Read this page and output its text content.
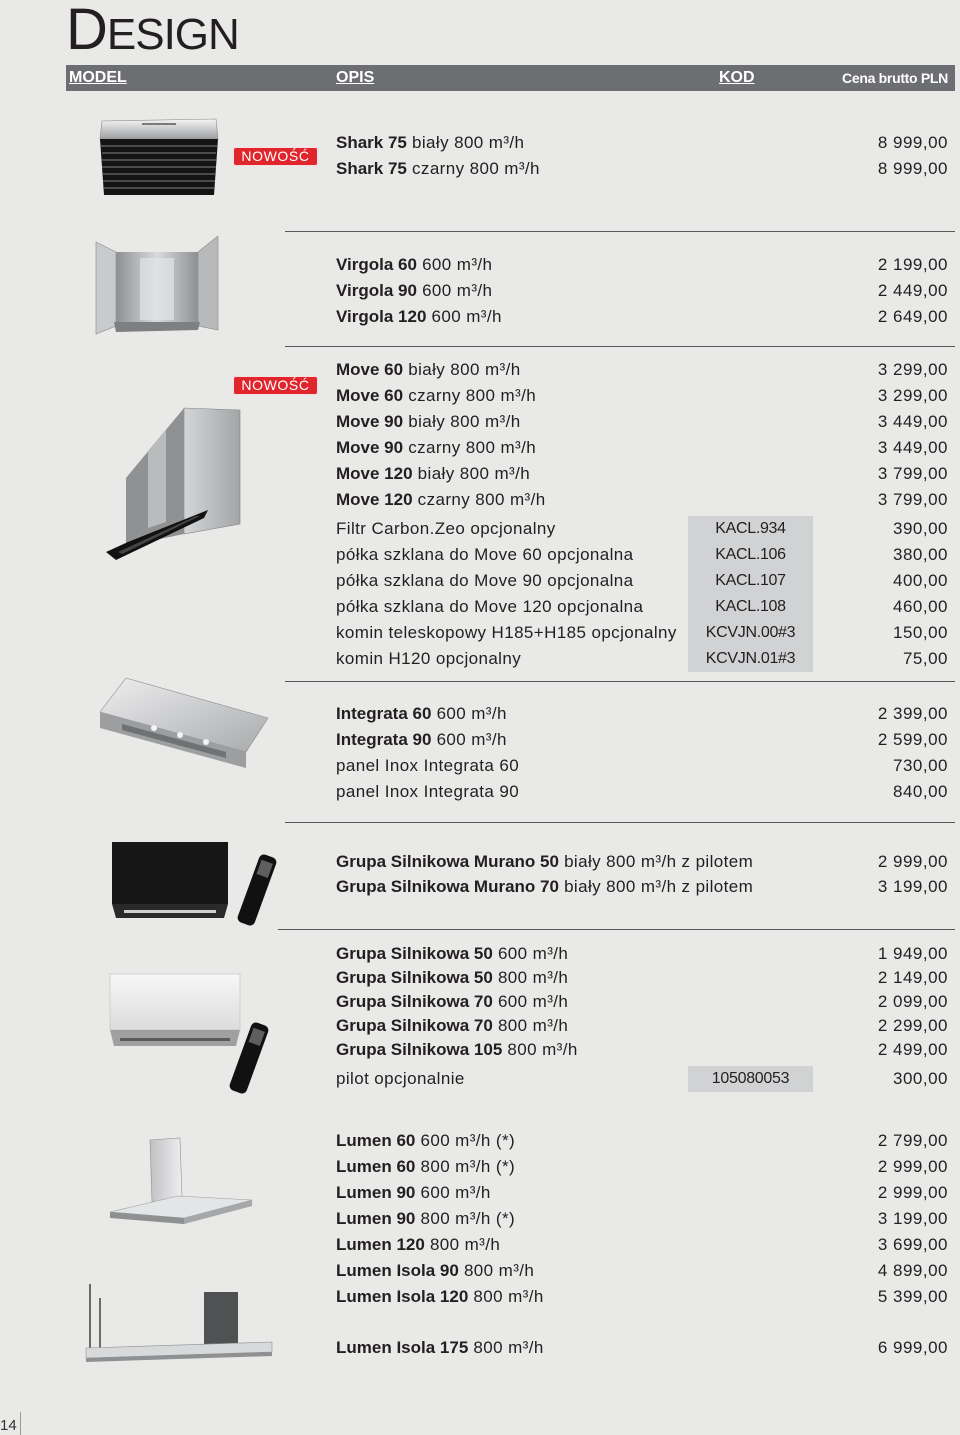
DESIGN
MODEL	OPIS	KOD	Cena brutto PLN
NOWOŚĆ
NOWOŚĆ
Shark 75 biały 800 m³/h	8 999,00
Shark 75 czarny 800 m³/h	8 999,00
Virgola 60 600 m³/h	2 199,00
Virgola 90 600 m³/h	2 449,00
Virgola 120 600 m³/h	2 649,00
Move 60 biały 800 m³/h	3 299,00
Move 60 czarny 800 m³/h	3 299,00
Move 90 biały 800 m³/h	3 449,00
Move 90 czarny 800 m³/h	3 449,00
Move 120 biały 800 m³/h	3 799,00
Move 120 czarny 800 m³/h	3 799,00
Filtr Carbon.Zeo opcjonalny	KACL.934	390,00
półka szklana do Move 60 opcjonalna	KACL.106	380,00
półka szklana do Move 90 opcjonalna	KACL.107	400,00
półka szklana do Move 120 opcjonalna	KACL.108	460,00
komin teleskopowy H185+H185 opcjonalny	KCVJN.00#3	150,00
komin H120 opcjonalny	KCVJN.01#3	75,00
Integrata 60 600 m³/h	2 399,00
Integrata 90 600 m³/h	2 599,00
panel Inox Integrata 60	730,00
panel Inox Integrata 90	840,00
Grupa Silnikowa Murano 50 biały 800 m³/h z pilotem	2 999,00
Grupa Silnikowa Murano 70 biały 800 m³/h z pilotem	3 199,00
Grupa Silnikowa 50 600 m³/h	1 949,00
Grupa Silnikowa 50 800 m³/h	2 149,00
Grupa Silnikowa 70 600 m³/h	2 099,00
Grupa Silnikowa 70 800 m³/h	2 299,00
Grupa Silnikowa 105 800 m³/h	2 499,00
pilot opcjonalnie	105080053	300,00
Lumen 60 600 m³/h (*)	2 799,00
Lumen 60 800 m³/h (*)	2 999,00
Lumen 90 600 m³/h	2 999,00
Lumen 90 800 m³/h (*)	3 199,00
Lumen 120 800 m³/h	3 699,00
Lumen Isola 90 800 m³/h	4 899,00
Lumen Isola 120 800 m³/h	5 399,00
Lumen Isola 175 800 m³/h	6 999,00
14
